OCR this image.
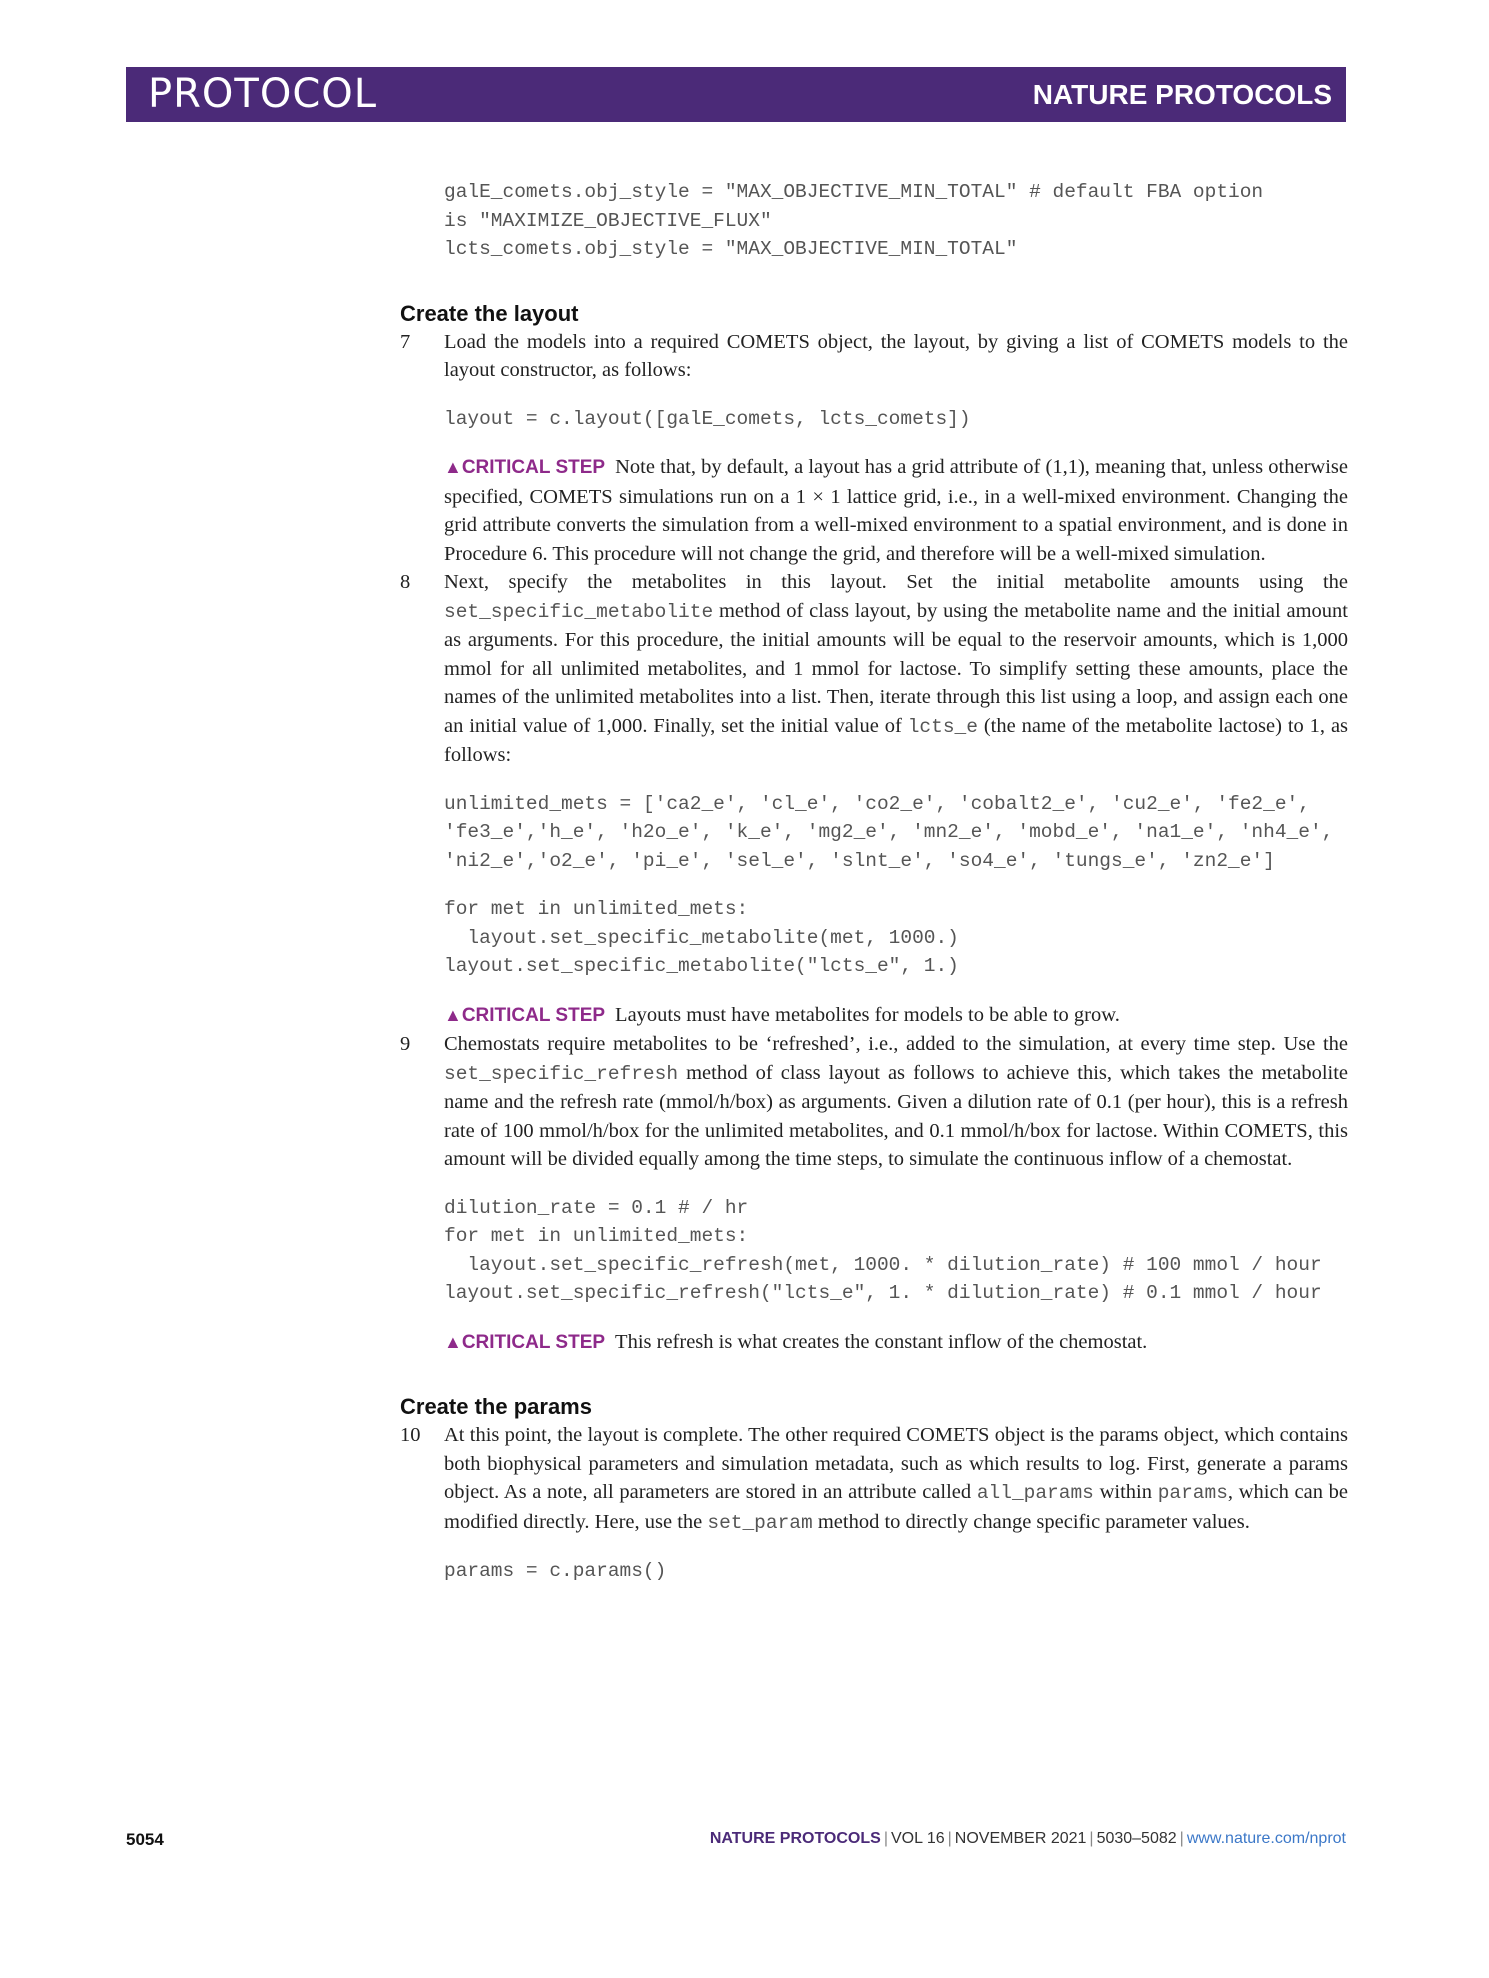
PROTOCOL	NATURE PROTOCOLS
galE_comets.obj_style = "MAX_OBJECTIVE_MIN_TOTAL" # default FBA option
is "MAXIMIZE_OBJECTIVE_FLUX"
lcts_comets.obj_style = "MAX_OBJECTIVE_MIN_TOTAL"
Create the layout
7	Load the models into a required COMETS object, the layout, by giving a list of COMETS models to the layout constructor, as follows:
layout = c.layout([galE_comets, lcts_comets])
▲CRITICAL STEP Note that, by default, a layout has a grid attribute of (1,1), meaning that, unless otherwise specified, COMETS simulations run on a 1 × 1 lattice grid, i.e., in a well-mixed environment. Changing the grid attribute converts the simulation from a well-mixed environment to a spatial environment, and is done in Procedure 6. This procedure will not change the grid, and therefore will be a well-mixed simulation.
8	Next, specify the metabolites in this layout. Set the initial metabolite amounts using the set_specific_metabolite method of class layout, by using the metabolite name and the initial amount as arguments. For this procedure, the initial amounts will be equal to the reservoir amounts, which is 1,000 mmol for all unlimited metabolites, and 1 mmol for lactose. To simplify setting these amounts, place the names of the unlimited metabolites into a list. Then, iterate through this list using a loop, and assign each one an initial value of 1,000. Finally, set the initial value of lcts_e (the name of the metabolite lactose) to 1, as follows:
unlimited_mets = ['ca2_e', 'cl_e', 'co2_e', 'cobalt2_e', 'cu2_e', 'fe2_e',
'fe3_e','h_e', 'h2o_e', 'k_e', 'mg2_e', 'mn2_e', 'mobd_e', 'na1_e', 'nh4_e',
'ni2_e','o2_e', 'pi_e', 'sel_e', 'slnt_e', 'so4_e', 'tungs_e', 'zn2_e']
for met in unlimited_mets:
layout.set_specific_metabolite(met, 1000.)
layout.set_specific_metabolite("lcts_e", 1.)
▲CRITICAL STEP Layouts must have metabolites for models to be able to grow.
9	Chemostats require metabolites to be ‘refreshed’, i.e., added to the simulation, at every time step. Use the set_specific_refresh method of class layout as follows to achieve this, which takes the metabolite name and the refresh rate (mmol/h/box) as arguments. Given a dilution rate of 0.1 (per hour), this is a refresh rate of 100 mmol/h/box for the unlimited metabolites, and 0.1 mmol/h/box for lactose. Within COMETS, this amount will be divided equally among the time steps, to simulate the continuous inflow of a chemostat.
dilution_rate = 0.1 # / hr
for met in unlimited_mets:
layout.set_specific_refresh(met, 1000. * dilution_rate) # 100 mmol / hour
layout.set_specific_refresh("lcts_e", 1. * dilution_rate) # 0.1 mmol / hour
▲CRITICAL STEP This refresh is what creates the constant inflow of the chemostat.
Create the params
10	At this point, the layout is complete. The other required COMETS object is the params object, which contains both biophysical parameters and simulation metadata, such as which results to log. First, generate a params object. As a note, all parameters are stored in an attribute called all_params within params, which can be modified directly. Here, use the set_param method to directly change specific parameter values.
params = c.params()
5054	NATURE PROTOCOLS | VOL 16 | NOVEMBER 2021 | 5030–5082 | www.nature.com/nprot
